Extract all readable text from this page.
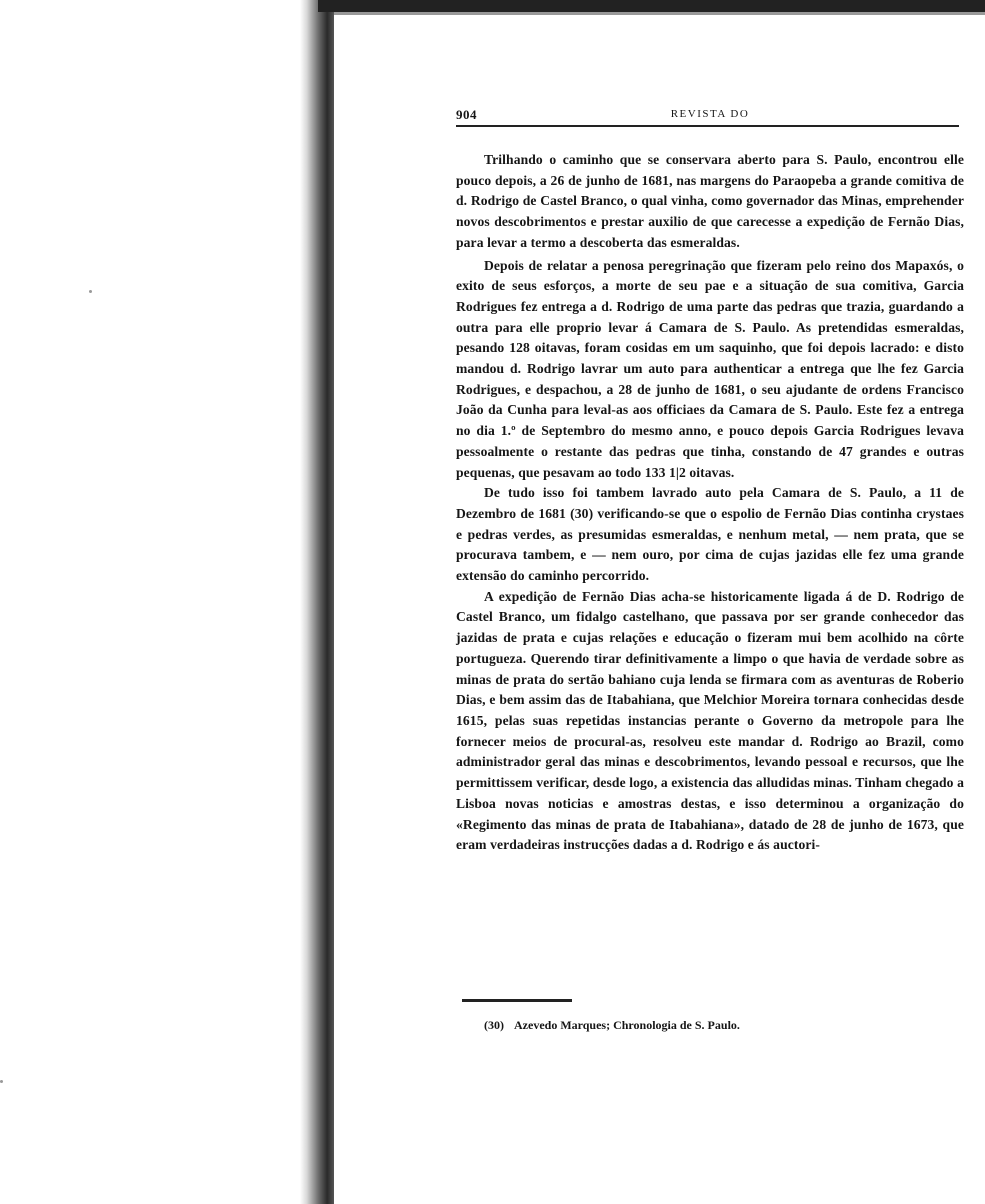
904	REVISTA DO

Trilhando o caminho que se conservara aberto para S. Paulo, encontrou elle pouco depois, a 26 de junho de 1681, nas margens do Paraopeba a grande comitiva de d. Rodrigo de Castel Branco, o qual vinha, como governador das Minas, emprehender novos descobrimentos e prestar auxilio de que carecesse a expedição de Fernão Dias, para levar a termo a descoberta das esmeraldas.

Depois de relatar a penosa peregrinação que fizeram pelo reino dos Mapaxós, o exito de seus esforços, a morte de seu pae e a situação de sua comitiva, Garcia Rodrigues fez entrega a d. Rodrigo de uma parte das pedras que trazia, guardando a outra para elle proprio levar á Camara de S. Paulo. As pretendidas esmeraldas, pesando 128 oitavas, foram cosidas em um saquinho, que foi depois lacrado: e disto mandou d. Rodrigo lavrar um auto para authenticar a entrega que lhe fez Garcia Rodrigues, e despachou, a 28 de junho de 1681, o seu ajudante de ordens Francisco João da Cunha para leval-as aos officiaes da Camara de S. Paulo. Este fez a entrega no dia 1.º de Septembro do mesmo anno, e pouco depois Garcia Rodrigues levava pessoalmente o restante das pedras que tinha, constando de 47 grandes e outras pequenas, que pesavam ao todo 133 1|2 oitavas.

De tudo isso foi tambem lavrado auto pela Camara de S. Paulo, a 11 de Dezembro de 1681 (30) verificando-se que o espolio de Fernão Dias continha crystaes e pedras verdes, as presumidas esmeraldas, e nenhum metal, — nem prata, que se procurava tambem, e — nem ouro, por cima de cujas jazidas elle fez uma grande extensão do caminho percorrido.

A expedição de Fernão Dias acha-se historicamente ligada á de D. Rodrigo de Castel Branco, um fidalgo castelhano, que passava por ser grande conhecedor das jazidas de prata e cujas relações e educação o fizeram mui bem acolhido na côrte portugueza. Querendo tirar definitivamente a limpo o que havia de verdade sobre as minas de prata do sertão bahiano cuja lenda se firmara com as aventuras de Roberio Dias, e bem assim das de Itabahiana, que Melchior Moreira tornara conhecidas desde 1615, pelas suas repetidas instancias perante o Governo da metropole para lhe fornecer meios de procural-as, resolveu este mandar d. Rodrigo ao Brazil, como administrador geral das minas e descobrimentos, levando pessoal e recursos, que lhe permittissem verificar, desde logo, a existencia das alludidas minas. Tinham chegado a Lisboa novas noticias e amostras destas, e isso determinou a organização do «Regimento das minas de prata de Itabahiana», datado de 28 de junho de 1673, que eram verdadeiras instrucções dadas a d. Rodrigo e ás auctori-

(30) Azevedo Marques; Chronologia de S. Paulo.
